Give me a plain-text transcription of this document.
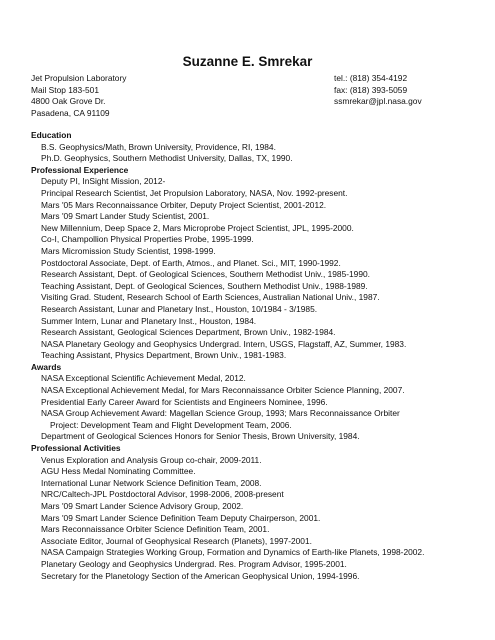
Suzanne E. Smrekar
Jet Propulsion Laboratory
Mail Stop 183-501
4800 Oak Grove Dr.
Pasadena, CA 91109
tel.: (818) 354-4192
fax: (818) 393-5059
ssmrekar@jpl.nasa.gov
Education
B.S. Geophysics/Math, Brown University, Providence, RI, 1984.
Ph.D. Geophysics, Southern Methodist University, Dallas, TX, 1990.
Professional Experience
Deputy PI, InSight Mission, 2012-
Principal Research Scientist, Jet Propulsion Laboratory, NASA, Nov. 1992-present.
Mars '05 Mars Reconnaissance Orbiter, Deputy Project Scientist, 2001-2012.
Mars '09 Smart Lander Study Scientist, 2001.
New Millennium, Deep Space 2, Mars Microprobe Project Scientist, JPL, 1995-2000.
Co-I, Champollion Physical Properties Probe, 1995-1999.
Mars Micromission Study Scientist, 1998-1999.
Postdoctoral Associate, Dept. of Earth, Atmos., and Planet. Sci., MIT, 1990-1992.
Research Assistant, Dept. of Geological Sciences, Southern Methodist Univ., 1985-1990.
Teaching Assistant, Dept. of Geological Sciences, Southern Methodist Univ., 1988-1989.
Visiting Grad. Student, Research School of Earth Sciences, Australian National Univ., 1987.
Research Assistant, Lunar and Planetary Inst., Houston, 10/1984 - 3/1985.
Summer Intern, Lunar and Planetary Inst., Houston, 1984.
Research Assistant, Geological Sciences Department, Brown Univ., 1982-1984.
NASA Planetary Geology and Geophysics Undergrad. Intern, USGS, Flagstaff, AZ, Summer, 1983.
Teaching Assistant, Physics Department, Brown Univ., 1981-1983.
Awards
NASA Exceptional Scientific Achievement Medal, 2012.
NASA Exceptional Achievement Medal, for Mars Reconnaissance Orbiter Science Planning, 2007.
Presidential Early Career Award for Scientists and Engineers Nominee, 1996.
NASA Group Achievement Award: Magellan Science Group, 1993; Mars Reconnaissance Orbiter
Project: Development Team and Flight Development Team, 2006.
Department of Geological Sciences Honors for Senior Thesis, Brown University, 1984.
Professional Activities
Venus Exploration and Analysis Group co-chair, 2009-2011.
AGU Hess Medal Nominating Committee.
International Lunar Network Science Definition Team, 2008.
NRC/Caltech-JPL Postdoctoral Advisor, 1998-2006, 2008-present
Mars '09 Smart Lander Science Advisory Group, 2002.
Mars '09 Smart Lander Science Definition Team Deputy Chairperson, 2001.
Mars Reconnaissance Orbiter Science Definition Team, 2001.
Associate Editor, Journal of Geophysical Research (Planets), 1997-2001.
NASA Campaign Strategies Working Group, Formation and Dynamics of Earth-like Planets, 1998-2002.
Planetary Geology and Geophysics Undergrad. Res. Program Advisor, 1995-2001.
Secretary for the Planetology Section of the American Geophysical Union, 1994-1996.
